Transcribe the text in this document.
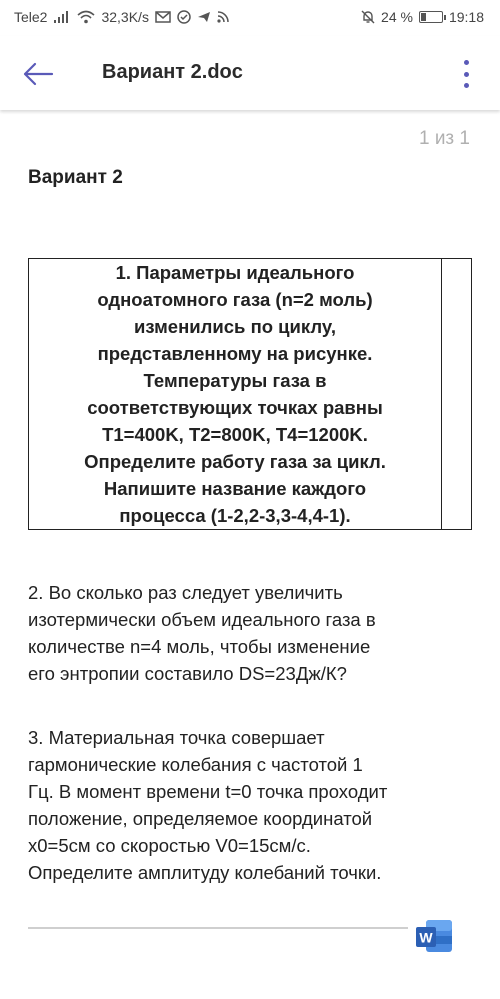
Tele2	32,3K/s	24 %	19:18
Вариант 2.doc
1 из 1
Вариант 2

1. Параметры идеального
одноатомного газа (n=2 моль)
изменились по циклу,
представленному на рисунке.
Температуры газа в
соответствующих точках равны
T1=400K, T2=800K, T4=1200K.
Определите работу газа за цикл.
Напишите название каждого
процесса (1-2,2-3,3-4,4-1).

2. Во сколько раз следует увеличить
изотермически объем идеального газа в
количестве n=4 моль, чтобы изменение
его энтропии составило DS=23Дж/К?

3. Материальная точка совершает
гармонические колебания с частотой 1
Гц. В момент времени t=0 точка проходит
положение, определяемое координатой
x0=5см со скоростью V0=15см/с.
Определите амплитуду колебаний точки.

W
